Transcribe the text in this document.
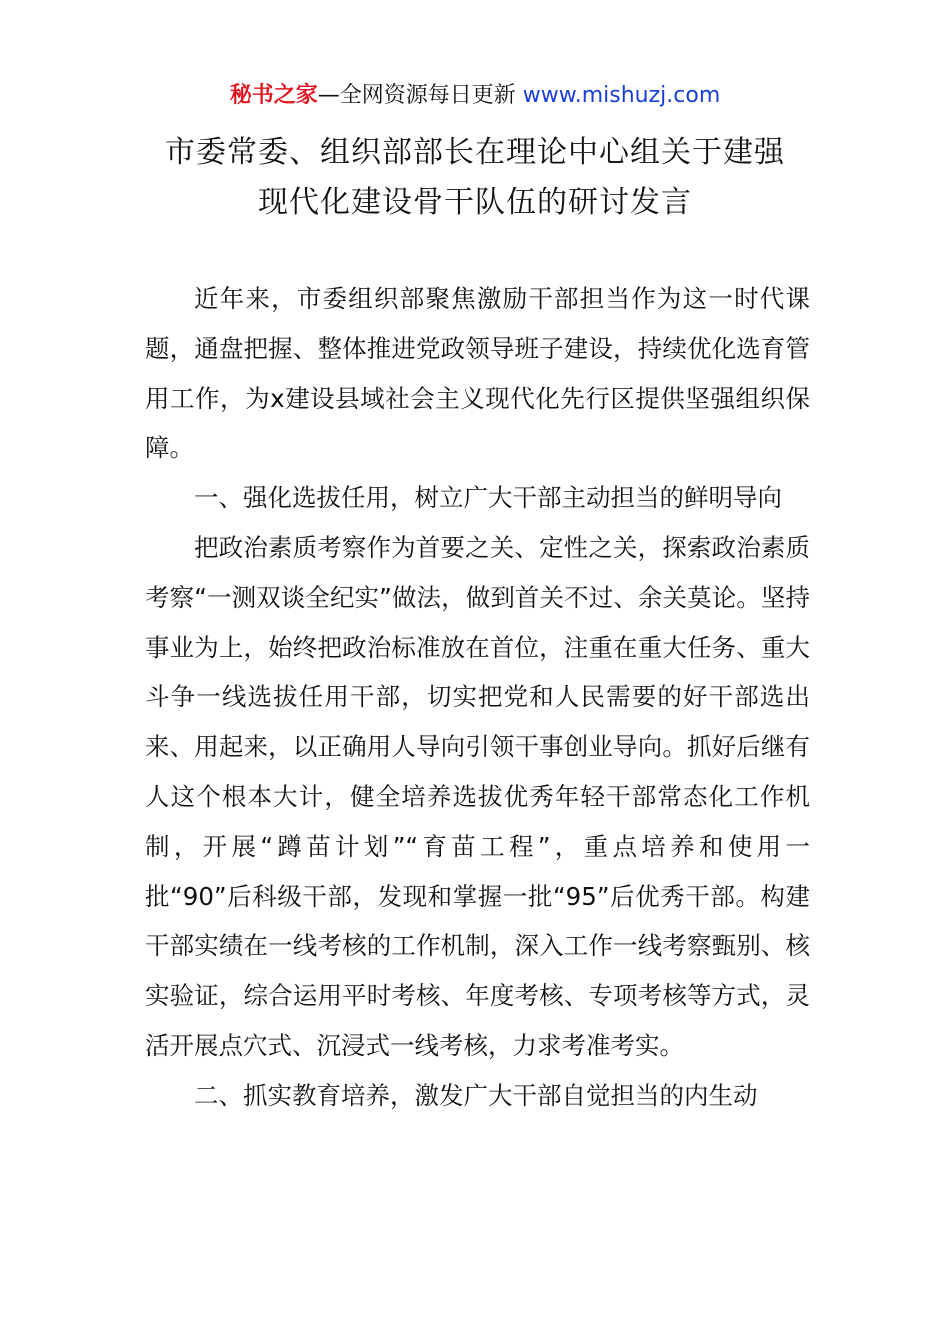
秘书之家—全网资源每日更新 www.mishuzj.com
市委常委、组织部部长在理论中心组关于建强
现代化建设骨干队伍的研讨发言

近年来，市委组织部聚焦激励干部担当作为这一时代课题，通盘把握、整体推进党政领导班子建设，持续优化选育管用工作，为x建设县域社会主义现代化先行区提供坚强组织保障。

一、强化选拔任用，树立广大干部主动担当的鲜明导向

把政治素质考察作为首要之关、定性之关，探索政治素质考察“一测双谈全纪实”做法，做到首关不过、余关莫论。坚持事业为上，始终把政治标准放在首位，注重在重大任务、重大斗争一线选拔任用干部，切实把党和人民需要的好干部选出来、用起来，以正确用人导向引领干事创业导向。抓好后继有人这个根本大计，健全培养选拔优秀年轻干部常态化工作机制，开展“蹲苗计划”“育苗工程”，重点培养和使用一批“90”后科级干部，发现和掌握一批“95”后优秀干部。构建干部实绩在一线考核的工作机制，深入工作一线考察甄别、核实验证，综合运用平时考核、年度考核、专项考核等方式，灵活开展点穴式、沉浸式一线考核，力求考准考实。

二、抓实教育培养，激发广大干部自觉担当的内生动
